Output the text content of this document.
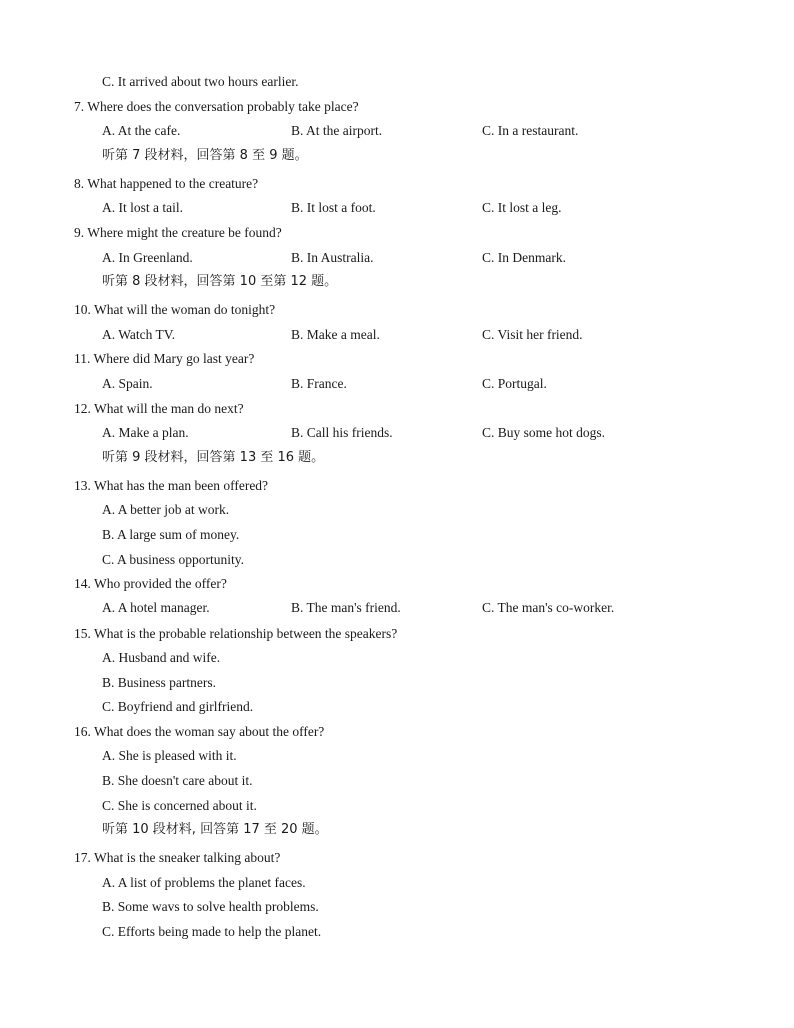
C. It arrived about two hours earlier.
7. Where does the conversation probably take place?
A. At the cafe.	B. At the airport.	C. In a restaurant.
听第 7 段材料，回答第 8 至 9 题。
8. What happened to the creature?
A. It lost a tail.	B. It lost a foot.	C. It lost a leg.
9. Where might the creature be found?
A. In Greenland.	B. In Australia.	C. In Denmark.
听第 8 段材料，回答第 10 至第 12 题。
10. What will the woman do tonight?
A. Watch TV.	B. Make a meal.	C. Visit her friend.
11. Where did Mary go last year?
A. Spain.	B. France.	C. Portugal.
12. What will the man do next?
A. Make a plan.	B. Call his friends.	C. Buy some hot dogs.
听第 9 段材料，回答第 13 至 16 题。
13. What has the man been offered?
A. A better job at work.
B. A large sum of money.
C. A business opportunity.
14. Who provided the offer?
A. A hotel manager.	B. The man's friend.	C. The man's co-worker.
15. What is the probable relationship between the speakers?
A. Husband and wife.
B. Business partners.
C. Boyfriend and girlfriend.
16. What does the woman say about the offer?
A. She is pleased with it.
B. She doesn't care about it.
C. She is concerned about it.
听第 10 段材料, 回答第 17 至 20 题。
17. What is the sneaker talking about?
A. A list of problems the planet faces.
B. Some wavs to solve health problems.
C. Efforts being made to help the planet.
